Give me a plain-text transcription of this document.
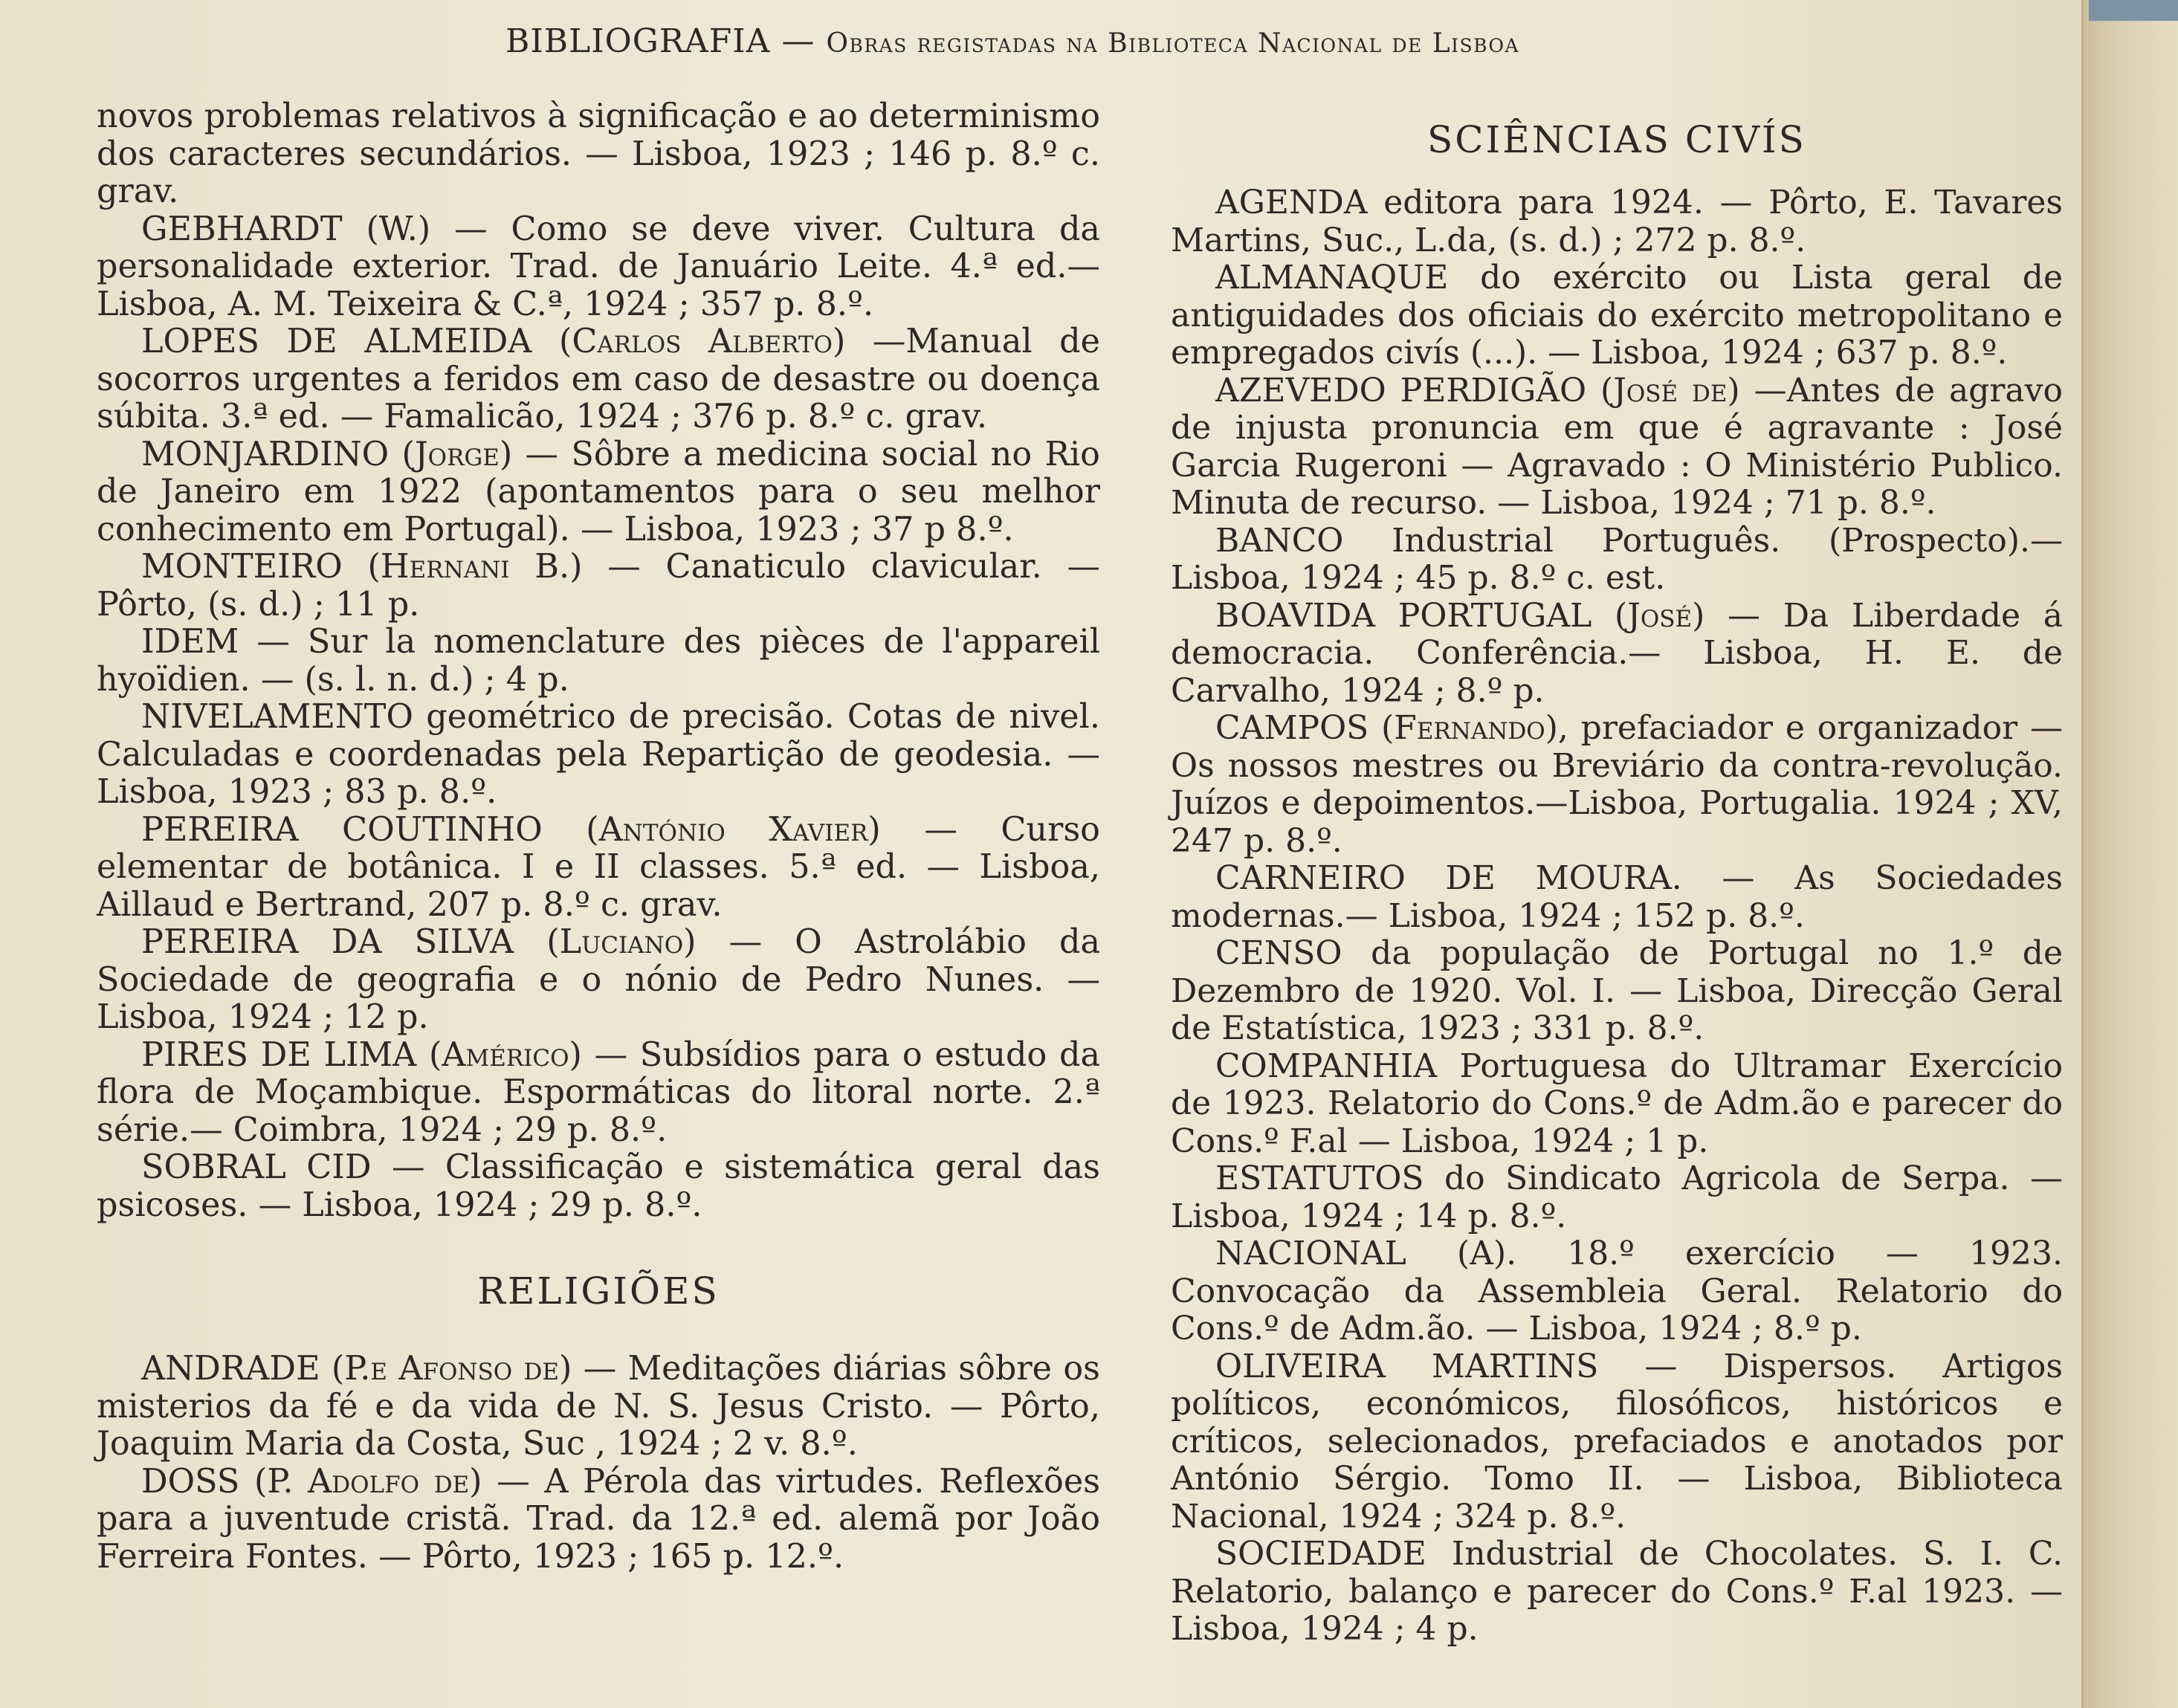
BIBLIOGRAFIA — Obras registadas na Biblioteca Nacional de Lisboa

novos problemas relativos à significação e ao determinismo dos caracteres secundários. — Lisboa, 1923 ; 146 p. 8.º c. grav.

GEBHARDT (W.) — Como se deve viver. Cultura da personalidade exterior. Trad. de Januário Leite. 4.ª ed.—Lisboa, A. M. Teixeira & C.ª, 1924 ; 357 p. 8.º.

LOPES DE ALMEIDA (Carlos Alberto) —Manual de socorros urgentes a feridos em caso de desastre ou doença súbita. 3.ª ed. — Famalicão, 1924 ; 376 p. 8.º c. grav.

MONJARDINO (Jorge) — Sôbre a medicina social no Rio de Janeiro em 1922 (apontamentos para o seu melhor conhecimento em Portugal). — Lisboa, 1923 ; 37 p 8.º.

MONTEIRO (Hernani B.) — Canaticulo clavicular. — Pôrto, (s. d.) ; 11 p.

IDEM — Sur la nomenclature des pièces de l'appareil hyoïdien. — (s. l. n. d.) ; 4 p.

NIVELAMENTO geométrico de precisão. Cotas de nivel. Calculadas e coordenadas pela Repartição de geodesia. — Lisboa, 1923 ; 83 p. 8.º.

PEREIRA COUTINHO (António Xavier) — Curso elementar de botânica. I e II classes. 5.ª ed. — Lisboa, Aillaud e Bertrand, 207 p. 8.º c. grav.

PEREIRA DA SILVA (Luciano) — O Astrolábio da Sociedade de geografia e o nónio de Pedro Nunes. — Lisboa, 1924 ; 12 p.

PIRES DE LIMA (Américo) — Subsídios para o estudo da flora de Moçambique. Espormáticas do litoral norte. 2.ª série.— Coimbra, 1924 ; 29 p. 8.º.

SOBRAL CID — Classificação e sistemática geral das psicoses. — Lisboa, 1924 ; 29 p. 8.º.

RELIGIÕES

ANDRADE (P.e Afonso de) — Meditações diárias sôbre os misterios da fé e da vida de N. S. Jesus Cristo. — Pôrto, Joaquim Maria da Costa, Suc , 1924 ; 2 v. 8.º.

DOSS (P. Adolfo de) — A Pérola das virtudes. Reflexões para a juventude cristã. Trad. da 12.ª ed. alemã por João Ferreira Fontes. — Pôrto, 1923 ; 165 p. 12.º.

SCIÊNCIAS CIVÍS

AGENDA editora para 1924. — Pôrto, E. Tavares Martins, Suc., L.da, (s. d.) ; 272 p. 8.º.

ALMANAQUE do exército ou Lista geral de antiguidades dos oficiais do exército metropolitano e empregados civís (...). — Lisboa, 1924 ; 637 p. 8.º.

AZEVEDO PERDIGÃO (José de) —Antes de agravo de injusta pronuncia em que é agravante : José Garcia Rugeroni — Agravado : O Ministério Publico. Minuta de recurso. — Lisboa, 1924 ; 71 p. 8.º.

BANCO Industrial Português. (Prospecto).— Lisboa, 1924 ; 45 p. 8.º c. est.

BOAVIDA PORTUGAL (José) — Da Liberdade á democracia. Conferência.— Lisboa, H. E. de Carvalho, 1924 ; 8.º p.

CAMPOS (Fernando), prefaciador e organizador — Os nossos mestres ou Breviário da contra-revolução. Juízos e depoimentos.—Lisboa, Portugalia. 1924 ; XV, 247 p. 8.º.

CARNEIRO DE MOURA. — As Sociedades modernas.— Lisboa, 1924 ; 152 p. 8.º.

CENSO da população de Portugal no 1.º de Dezembro de 1920. Vol. I. — Lisboa, Direcção Geral de Estatística, 1923 ; 331 p. 8.º.

COMPANHIA Portuguesa do Ultramar Exercício de 1923. Relatorio do Cons.º de Adm.ão e parecer do Cons.º F.al — Lisboa, 1924 ; 1 p.

ESTATUTOS do Sindicato Agricola de Serpa. — Lisboa, 1924 ; 14 p. 8.º.

NACIONAL (A). 18.º exercício — 1923. Convocação da Assembleia Geral. Relatorio do Cons.º de Adm.ão. — Lisboa, 1924 ; 8.º p.

OLIVEIRA MARTINS — Dispersos. Artigos políticos, económicos, filosóficos, históricos e críticos, selecionados, prefaciados e anotados por António Sérgio. Tomo II. — Lisboa, Biblioteca Nacional, 1924 ; 324 p. 8.º.

SOCIEDADE Industrial de Chocolates. S. I. C. Relatorio, balanço e parecer do Cons.º F.al 1923. — Lisboa, 1924 ; 4 p.
